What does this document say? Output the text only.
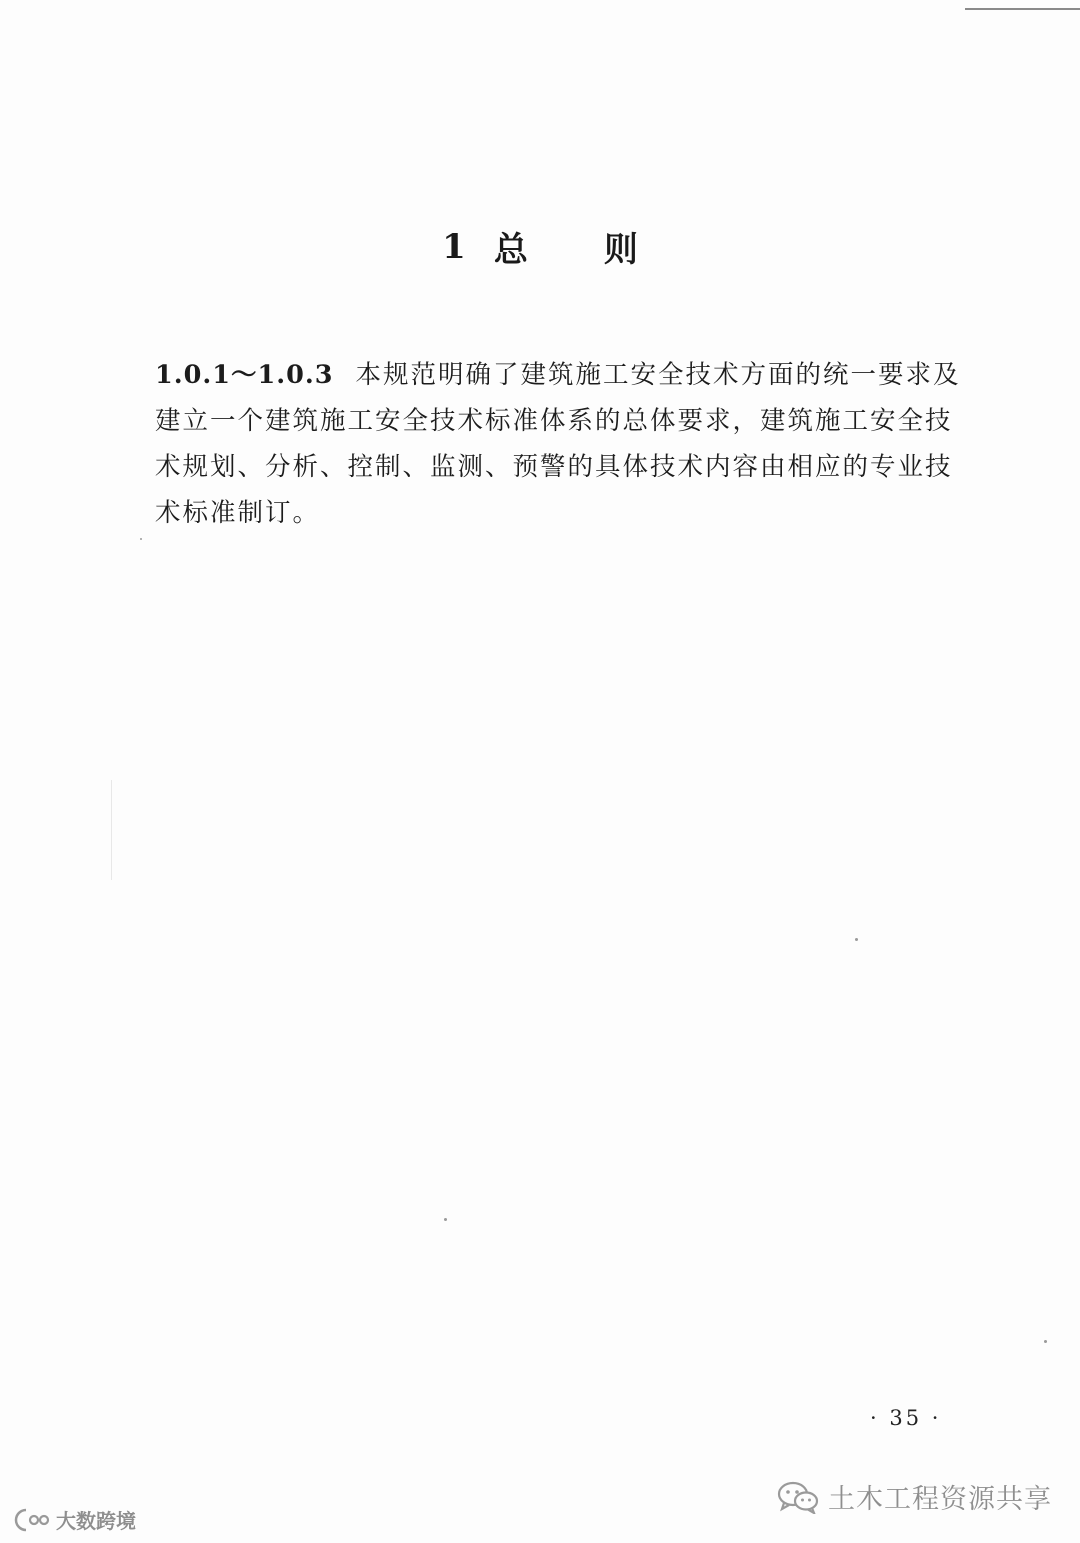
1 总 则
1.0.1～1.0.3 本规范明确了建筑施工安全技术方面的统一要求及建立一个建筑施工安全技术标准体系的总体要求，建筑施工安全技术规划、分析、控制、监测、预警的具体技术内容由相应的专业技术标准制订。
· 35 ·
土木工程资源共享
大数跨境
